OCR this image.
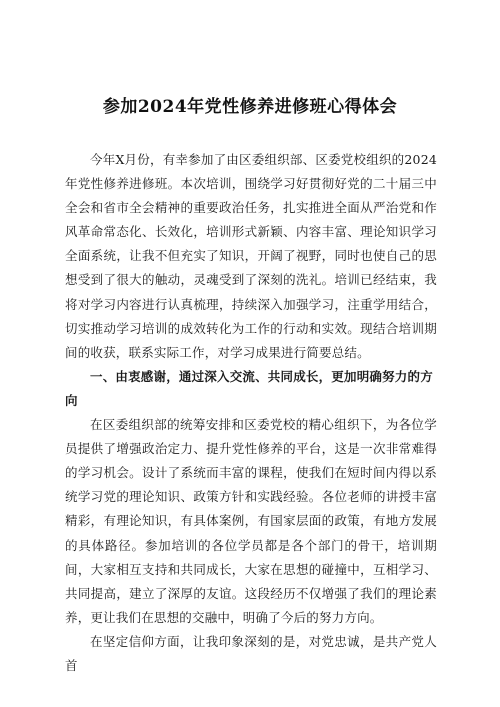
参加2024年党性修养进修班心得体会

今年X月份，有幸参加了由区委组织部、区委党校组织的2024年党性修养进修班。本次培训，围绕学习好贯彻好党的二十届三中全会和省市全会精神的重要政治任务，扎实推进全面从严治党和作风革命常态化、长效化，培训形式新颖、内容丰富、理论知识学习全面系统，让我不但充实了知识，开阔了视野，同时也使自己的思想受到了很大的触动，灵魂受到了深刻的洗礼。培训已经结束，我将对学习内容进行认真梳理，持续深入加强学习，注重学用结合，切实推动学习培训的成效转化为工作的行动和实效。现结合培训期间的收获，联系实际工作，对学习成果进行简要总结。

一、由衷感谢，通过深入交流、共同成长，更加明确努力的方向

在区委组织部的统筹安排和区委党校的精心组织下，为各位学员提供了增强政治定力、提升党性修养的平台，这是一次非常难得的学习机会。设计了系统而丰富的课程，使我们在短时间内得以系统学习党的理论知识、政策方针和实践经验。各位老师的讲授丰富精彩，有理论知识，有具体案例，有国家层面的政策，有地方发展的具体路径。参加培训的各位学员都是各个部门的骨干，培训期间，大家相互支持和共同成长，大家在思想的碰撞中，互相学习、共同提高，建立了深厚的友谊。这段经历不仅增强了我们的理论素养，更让我们在思想的交融中，明确了今后的努力方向。

在坚定信仰方面，让我印象深刻的是，对党忠诚，是共产党人首
